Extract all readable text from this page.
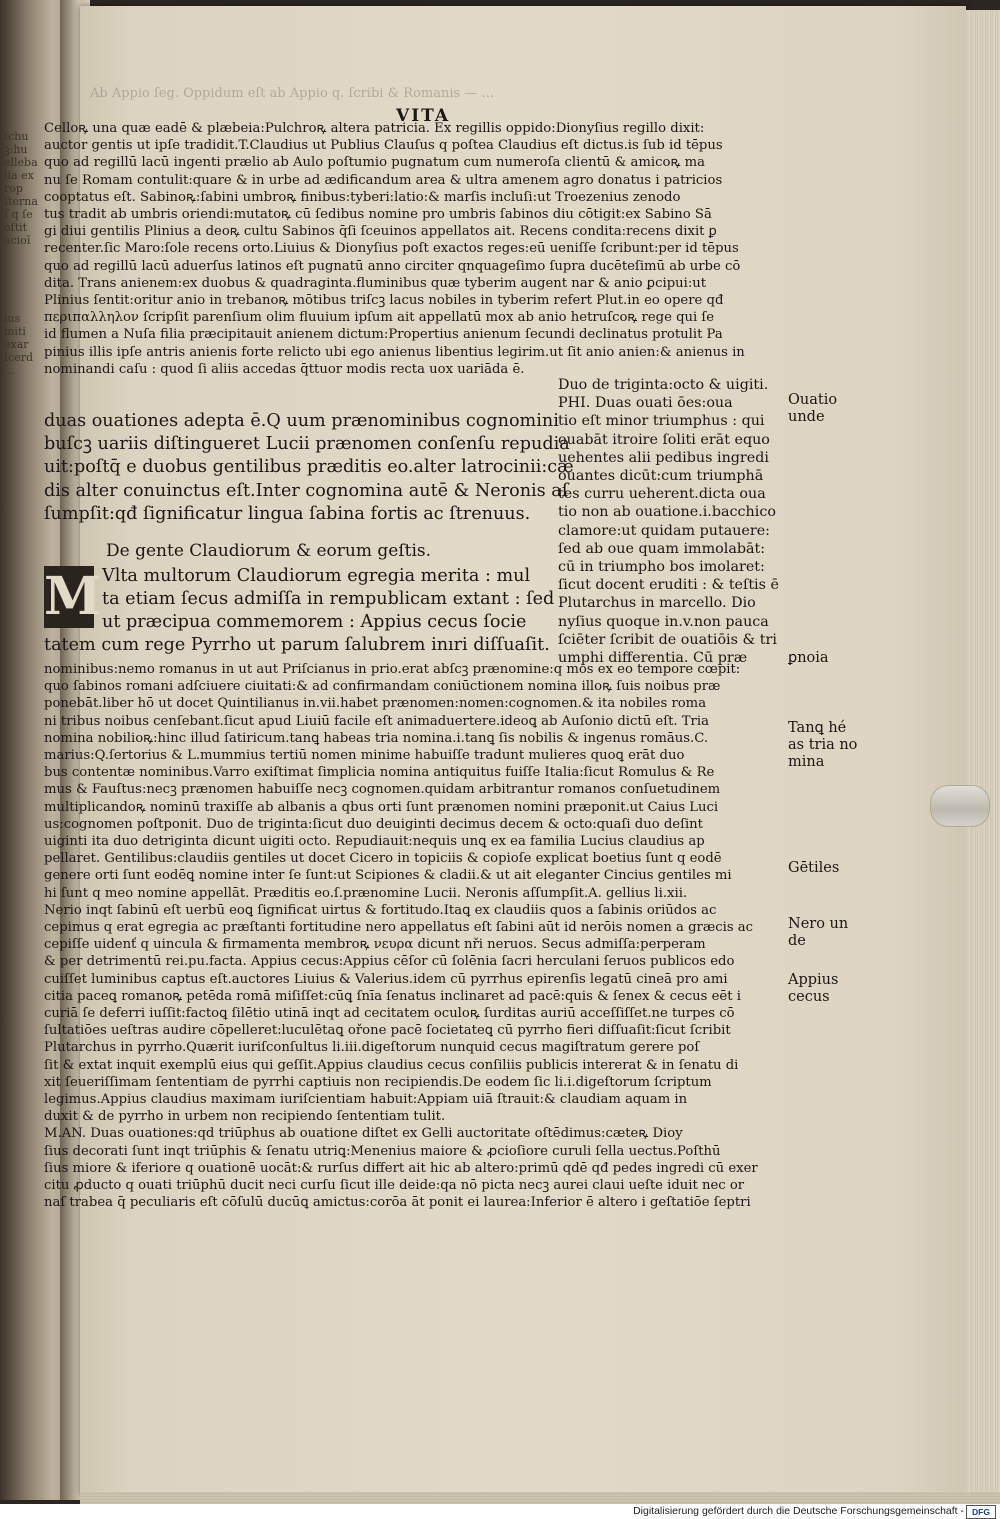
ſchu
ꝫ:hu
elleba
lia ex
rop
ſterna
ſ q ſe
oſtit
acioī

ius
miti
exar
ſcerd
...
Ab Appio ſeg. Oppidum eſt ab Appio q. ſcribi & Romanis — …
VITA
Celloꝶ una quæ eadē & plæbeia:Pulchroꝶ altera patricia. Ex regillis oppido:Dionyſius regillo dixit:
auctor gentis ut ipſe tradidit.T.Claudius ut Publius Clauſus q poſtea Claudius eſt dictus.is ſub id tēpus
quo ad regillū lacū ingenti prælio ab Aulo poſtumio pugnatum cum numeroſa clientū & amicoꝶ ma
nu ſe Romam contulit:quare & in urbe ad ædificandum area & ultra amenem agro donatus i patricios
cooptatus eſt. Sabinoꝶ:ſabini umbroꝶ finibus:tyberi:latio:& marſis incluſi:ut Troezenius zenodo
tus tradit ab umbris oriendi:mutatoꝶ cū ſedibus nomine pro umbris ſabinos diu cōtigit:ex Sabino Sā
gi diui gentilis Plinius a deoꝶ cultu Sabinos q̄ſi ſceuinos appellatos ait. Recens condita:recens dixit ꝑ
recenter.ſic Maro:ſole recens orto.Liuius & Dionyſius poſt exactos reges:eū ueniſſe ſcribunt:per id tēpus
quo ad regillū lacū aduerſus latinos eſt pugnatū anno circiter qnquageſimo ſupra ducēteſimū ab urbe cō
dita. Trans anienem:ex duobus & quadraginta.fluminibus quæ tyberim augent nar & anio ꝑcipui:ut
Plinius ſentit:oritur anio in trebanoꝶ mōtibus triſcꝫ lacus nobiles in tyberim refert Plut.in eo opere qđ
περιπαλληλον ſcripſit parenſium olim fluuium ipſum ait appellatū mox ab anio hetruſcoꝶ rege qui ſe
id flumen a Nuſa filia præcipitauit anienem dictum:Propertius anienum ſecundi declinatus protulit Pa
pinius illis ipſe antris anienis forte relicto ubi ego anienus libentius legirim.ut ſit anio anien:& anienus in
nominandi caſu : quod ſi aliis accedas q̄ttuor modis recta uox uariāda ē.
duas ouationes adepta ē.Q uum prænominibus cognomini
buſcꝫ uariis diſtingueret Lucii prænomen conſenſu repudia
uit:poſtq̄ e duobus gentilibus præditis eo.alter latrocinii:cæ
dis alter conuinctus eſt.Inter cognomina autē & Neronis aſ
ſumpſit:qđ ſignificatur lingua ſabina fortis ac ſtrenuus.
De gente Claudiorum & eorum geſtis.
M Vlta multorum Claudiorum egregia merita : mul
ta etiam ſecus admiſſa in rempublicam extant : ſed
ut præcipua commemorem : Appius cecus ſocie
tatem cum rege Pyrrho ut parum ſalubrem inıri diſſuaſit.
Duo de triginta:octo & uigiti.
PHI. Duas ouati ōes:oua
tio eſt minor triumphus : qui
ouabāt itroire ſoliti erāt equo
uehentes alii pedibus ingredi
ouantes dicūt:cum triumphā
tes curru ueherent.dicta oua
tio non ab ouatione.i.bacchico
clamore:ut quidam putauere:
ſed ab oue quam immolabāt:
cū in triumpho bos imolaret:
ſicut docent eruditi : & teſtis ē
Plutarchus in marcello. Dio
nyſius quoque in.v.non pauca
ſciēter ſcribit de ouatiōis & tri
umphi differentia. Cū præ
nominibus:nemo romanus in ut aut Priſcianus in prio.erat abſcꝫ prænomine:q mos ex eo tempore cœpit:
quo ſabinos romani adſciuere ciuitati:& ad confirmandam coniūctionem nomina illoꝶ ſuis noibus præ
ponebāt.liber hō ut docet Quintilianus in.vii.habet prænomen:nomen:cognomen.& ita nobiles roma
ni tribus noibus cenſebant.ſicut apud Liuiū facile eſt animaduertere.ideoꝗ ab Auſonio dictū eſt. Tria
nomina nobilioꝶ:hinc illud ſatiricum.tanꝗ habeas tria nomina.i.tanꝗ ſis nobilis & ingenus romāus.C.
marius:Q.ſertorius & L.mummius tertiū nomen minime habuiſſe tradunt mulieres quoꝗ erāt duo
bus contentæ nominibus.Varro exiſtimat ſimplicia nomina antiquitus fuiſſe Italia:ſicut Romulus & Re
mus & Fauſtus:necꝫ prænomen habuiſſe necꝫ cognomen.quidam arbitrantur romanos conſuetudinem
multiplicandoꝶ nominū traxiſſe ab albanis a qbus orti ſunt prænomen nomini præponit.ut Caius Luci
us:cognomen poſtponit. Duo de triginta:ſicut duo deuiginti decimus decem & octo:quaſi duo deſint
uiginti ita duo detriginta dicunt uigiti octo. Repudiauit:nequis unꝗ ex ea familia Lucius claudius ap
pellaret. Gentilibus:claudiis gentiles ut docet Cicero in topiciis & copioſe explicat boetius ſunt q eodē
genere orti ſunt eodēꝗ nomine inter ſe ſunt:ut Scipiones & cladii.& ut ait eleganter Cincius gentiles mi
hi ſunt q meo nomine appellāt. Præditis eo.ſ.prænomine Lucii. Neronis aſſumpſit.A. gellius li.xii.
Nerio inqt ſabinū eſt uerbū eoꝗ ſignificat uirtus & fortitudo.Itaꝗ ex claudiis quos a ſabinis oriūdos ac
cepimus q erat egregia ac præſtanti fortitudine nero appellatus eſt ſabini aūt id nerōis nomen a græcis ac
cepiſſe uidenť q uincula & firmamenta membroꝶ νευρα dicunt nři neruos. Secus admiſſa:perperam
& per detrimentū rei.pu.facta. Appius cecus:Appius cēſor cū ſolēnia ſacri herculani ſeruos publicos edo
cuiſſet luminibus captus eſt.auctores Liuius & Valerius.idem cū pyrrhus epirenſis legatū cineā pro ami
citia paceꝗ romanoꝶ petēda romā miſiſſet:cūꝗ ſnīa ſenatus inclinaret ad pacē:quis & ſenex & cecus eēt i
curiā ſe deferri iuſſit:factoꝗ ſilētio utinā inqt ad cecitatem oculoꝶ ſurditas auriū acceſſiſſet.ne turpes cō
ſultatiōes ueſtras audire cōpelleret:luculētaꝗ ořone pacē ſocietateꝗ cū pyrrho fieri diſſuaſit:ſicut ſcribit
Plutarchus in pyrrho.Quærit iuriſconſultus li.iii.digeſtorum nunquid cecus magiſtratum gerere poſ
ſit & extat inquit exemplū eius qui geſſit.Appius claudius cecus conſiliis publicis intererat & in ſenatu di
xit ſeueriſſimam ſententiam de pyrrhi captiuis non recipiendis.De eodem ſic li.i.digeſtorum ſcriptum
legimus.Appius claudius maximam iuriſcientiam habuit:Appiam uiā ſtrauit:& claudiam aquam in
duxit & de pyrrho in urbem non recipiendo ſententiam tulit.
M.AN. Duas ouationes:qd triūphus ab ouatione diſtet ex Gelli auctoritate oſtēdimus:cæteꝶ Dioy
ſius decorati ſunt inqt triūphis & ſenatu utriꝗ:Menenius maiore & ꝓcioſiore curuli ſella uectus.Poſthū
ſius miore & iferiore q ouationē uocāt:& rurſus differt ait hic ab altero:primū qdē qđ pedes ingredi cū exer
citu ꝓducto q ouati triūphū ducit neci curſu ſicut ille deide:qa nō picta necꝫ aurei claui ueſte iduit nec or
naſ trabea q̄ peculiaris eſt cōſulū ducūꝗ amictus:corōa āt ponit ei laurea:Inferior ē altero i geſtatiōe ſeptri
Ouatio
unde
ꝑnoia
Tanꝗ hé
as tria no
mina
Gētiles
Nero un
de
Appius
cecus
Digitalisierung gefördert durch die Deutsche Forschungsgemeinschaft - DFG
